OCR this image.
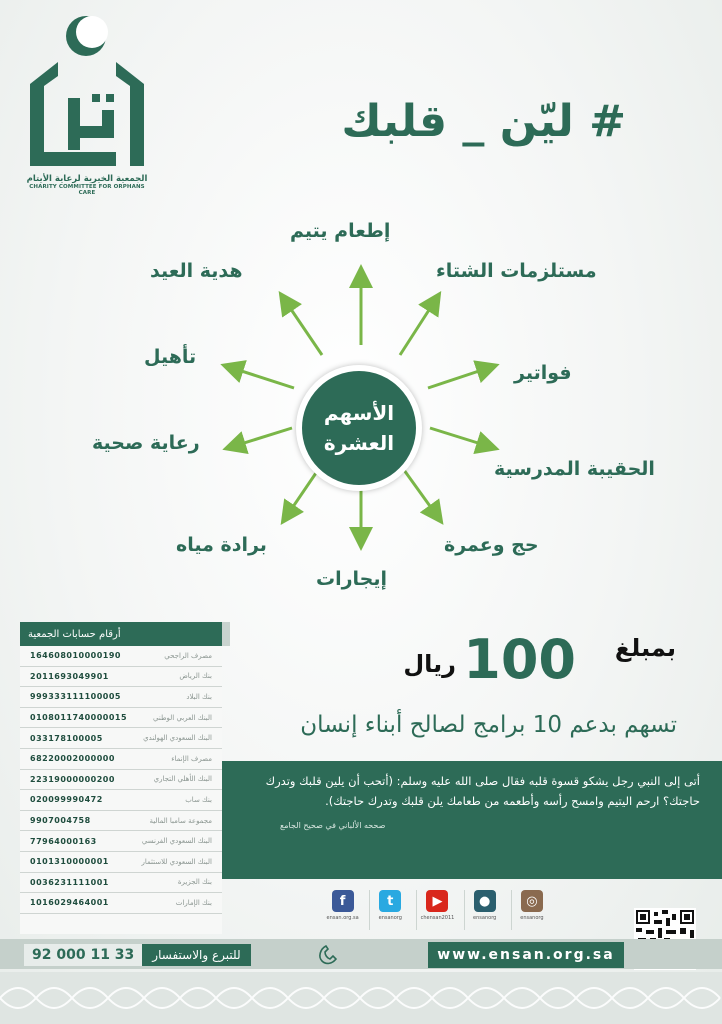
الجمعية الخيرية لرعاية الأيتام
CHARITY COMMITTEE FOR ORPHANS CARE
# ليّن _ قلبك
الأسهم العشرة
إطعام يتيم
مستلزمات الشتاء
فواتير
الحقيبة المدرسية
حج وعمرة
إيجارات
برادة مياه
رعاية صحية
تأهيل
هدية العيد
أرقام حسابات الجمعية
164608010000190	مصرف الراجحي
2011693049901	بنك الرياض
999333111100005	بنك البلاد
0108011740000015	البنك العربي الوطني
033178100005	البنك السعودي الهولندي
68220002000000	مصرف الإنماء
22319000000200	البنك الأهلي التجاري
020099990472	بنك ساب
9907004758	مجموعة سامبا المالية
77964000163	البنك السعودي الفرنسي
0101310000001	البنك السعودي للاستثمار
0036231111001	بنك الجزيرة
1016029464001	بنك الإمارات
بمبلغ
100
ريال
تسهم بدعم 10 برامج لصالح أبناء إنسان
أتى إلى النبي رجل يشكو قسوة قلبه فقال صلى الله عليه وسلم: (أتحب أن يلين قلبك وتدرك حاجتك؟ ارحم اليتيم وامسح رأسه وأطعمه من طعامك يلن قلبك وتدرك حاجتك).
صححه الألباني في صحيح الجامع
f
ensan.org.sa
t
ensanorg
▶
chensan2011
●
ensanorg
◎
ensanorg
92 000 11 33	للتبرع والاستفسار	www.ensan.org.sa
